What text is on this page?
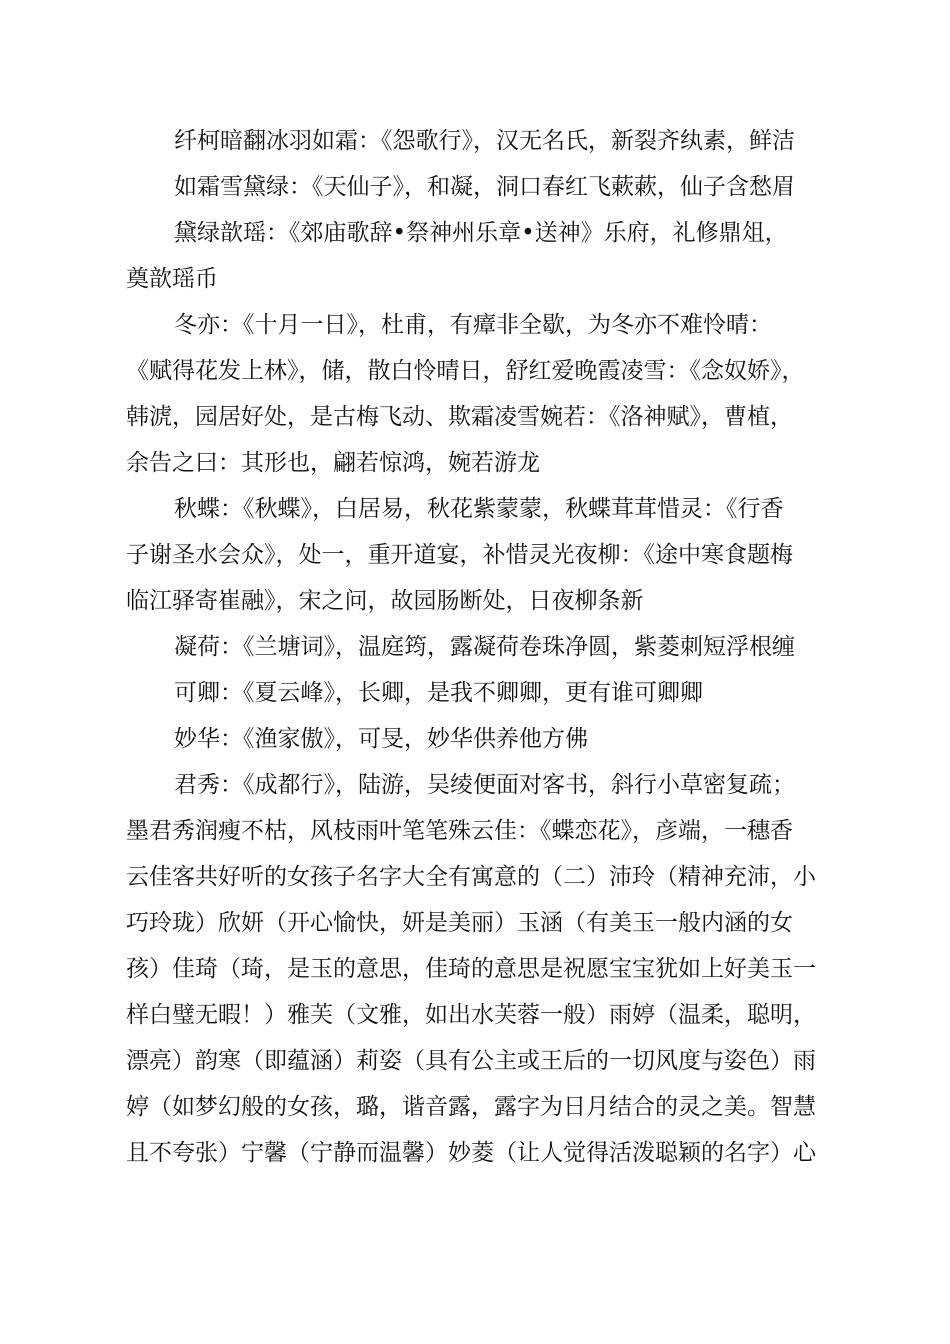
纤柯暗翻冰羽如霜：《怨歌行》，汉无名氏，新裂齐纨素，鲜洁

如霜雪黛绿：《天仙子》，和凝，洞口春红飞蔌蔌，仙子含愁眉

黛绿歆瑶：《郊庙歌辞•祭神州乐章•送神》乐府，礼修鼎俎，
奠歆瑶币

冬亦：《十月一日》，杜甫，有瘴非全歇，为冬亦不难怜晴：
《赋得花发上林》，储，散白怜晴日，舒红爱晚霞凌雪：《念奴娇》，
韩淲，园居好处，是古梅飞动、欺霜凌雪婉若：《洛神赋》，曹植，
余告之曰：其形也，翩若惊鸿，婉若游龙

秋蝶：《秋蝶》，白居易，秋花紫蒙蒙，秋蝶茸茸惜灵：《行香
子谢圣水会众》，处一，重开道宴，补惜灵光夜柳：《途中寒食题梅
临江驿寄崔融》，宋之问，故园肠断处，日夜柳条新

凝荷：《兰塘词》，温庭筠，露凝荷卷珠净圆，紫菱刺短浮根缠

可卿：《夏云峰》，长卿，是我不卿卿，更有谁可卿卿

妙华：《渔家傲》，可旻，妙华供养他方佛

君秀：《成都行》，陆游，吴绫便面对客书，斜行小草密复疏；
墨君秀润瘦不枯，风枝雨叶笔笔殊云佳：《蝶恋花》，彦端，一穗香
云佳客共好听的女孩子名字大全有寓意的（二）沛玲（精神充沛，小
巧玲珑）欣妍（开心愉快，妍是美丽）玉涵（有美玉一般内涵的女
孩）佳琦（琦，是玉的意思，佳琦的意思是祝愿宝宝犹如上好美玉一
样白璧无暇！）雅芙（文雅，如出水芙蓉一般）雨婷（温柔，聪明，
漂亮）韵寒（即蕴涵）莉姿（具有公主或王后的一切风度与姿色）雨
婷（如梦幻般的女孩，璐，谐音露，露字为日月结合的灵之美。智慧
且不夸张）宁馨（宁静而温馨）妙菱（让人觉得活泼聪颖的名字）心
